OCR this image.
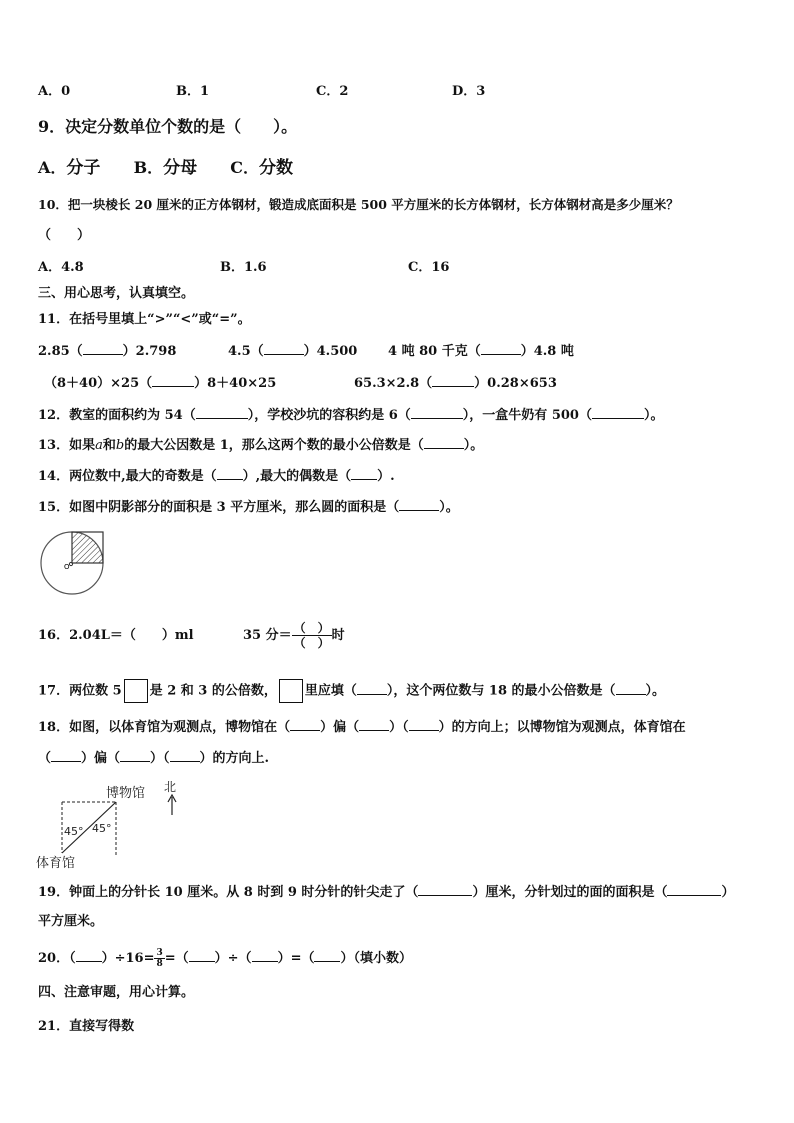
A．0	B．1	C．2	D．3
9．决定分数单位个数的是（　　）。
A．分子 B．分母 C．分数
10．把一块棱长 20 厘米的正方体钢材，锻造成底面积是 500 平方厘米的长方体钢材，长方体钢材高是多少厘米？
（　　）
A．4.8	B．1.6	C．16
三、用心思考，认真填空。
11．在括号里填上“>”“<”或“=”。
2.85（	）2.798	4.5（	）4.500 4 吨 80 千克（	）4.8 吨
（8＋40）×25（	）8＋40×25	65.3×2.8（	）0.28×653
12．教室的面积约为 54（	），学校沙坑的容积约是 6（	），一盒牛奶有 500（	）。
13．如果a和b的最大公因数是 1，那么这两个数的最小公倍数是（	）。
14．两位数中,最大的奇数是（ ）,最大的偶数是（ ）.
15．如图中阴影部分的面积是 3 平方厘米，那么圆的面积是（	）。
O
16．2.04L＝（　　）ml	35 分＝ $\frac{( )}{( )}$ 时
17．两位数 5 是 2 和 3 的公倍数， 里应填（ ），这个两位数与 18 的最小公倍数是（ ）。
18．如图，以体育馆为观测点，博物馆在（ ）偏（ ）（ ）的方向上；以博物馆为观测点，体育馆在
（ ）偏（ ）（ ）的方向上.
博物馆
体育馆
北
45° 45°
19．钟面上的分针长 10 厘米。从 8 时到 9 时分针的针尖走了（	）厘米，分针划过的面的面积是（	）
平方厘米。
20．（ ）$\div 16= \frac{3}{8}$ =（ ）÷（ ）=（ ）（填小数）
四、注意审题，用心计算。
21．直接写得数
